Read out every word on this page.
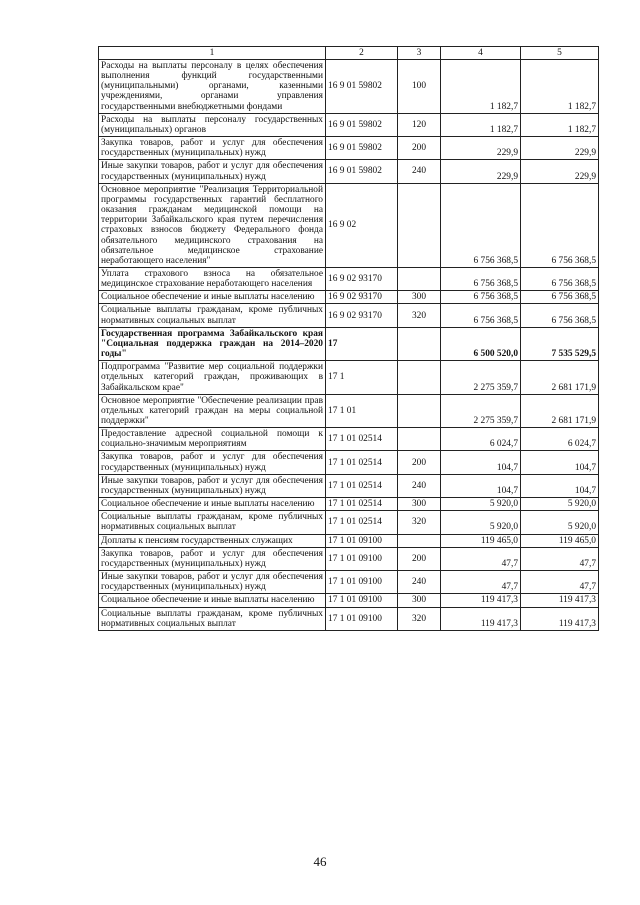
1	2	3	4	5
Расходы на выплаты персоналу в целях обеспечения выполнения функций государственными (муниципальными) органами, казенными учреждениями, органами управления государственными внебюджетными фондами	16 9 01 59802	100	1 182,7	1 182,7
Расходы на выплаты персоналу государственных (муниципальных) органов	16 9 01 59802	120	1 182,7	1 182,7
Закупка товаров, работ и услуг для обеспечения государственных (муниципальных) нужд	16 9 01 59802	200	229,9	229,9
Иные закупки товаров, работ и услуг для обеспечения государственных (муниципальных) нужд	16 9 01 59802	240	229,9	229,9
Основное мероприятие "Реализация Территориальной программы государственных гарантий бесплатного оказания гражданам медицинской помощи на территории Забайкальского края путем перечисления страховых взносов бюджету Федерального фонда обязательного медицинского страхования на обязательное медицинское страхование неработающего населения"	16 9 02		6 756 368,5	6 756 368,5
Уплата страхового взноса на обязательное медицинское страхование неработающего населения	16 9 02 93170		6 756 368,5	6 756 368,5
Социальное обеспечение и иные выплаты населению	16 9 02 93170	300	6 756 368,5	6 756 368,5
Социальные выплаты гражданам, кроме публичных нормативных социальных выплат	16 9 02 93170	320	6 756 368,5	6 756 368,5
Государственная программа Забайкальского края "Социальная поддержка граждан на 2014–2020 годы"	17		6 500 520,0	7 535 529,5
Подпрограмма "Развитие мер социальной поддержки отдельных категорий граждан, проживающих в Забайкальском крае"	17 1		2 275 359,7	2 681 171,9
Основное мероприятие "Обеспечение реализации прав отдельных категорий граждан на меры социальной поддержки"	17 1 01		2 275 359,7	2 681 171,9
Предоставление адресной социальной помощи к социально-значимым мероприятиям	17 1 01 02514		6 024,7	6 024,7
Закупка товаров, работ и услуг для обеспечения государственных (муниципальных) нужд	17 1 01 02514	200	104,7	104,7
Иные закупки товаров, работ и услуг для обеспечения государственных (муниципальных) нужд	17 1 01 02514	240	104,7	104,7
Социальное обеспечение и иные выплаты населению	17 1 01 02514	300	5 920,0	5 920,0
Социальные выплаты гражданам, кроме публичных нормативных социальных выплат	17 1 01 02514	320	5 920,0	5 920,0
Доплаты к пенсиям государственных служащих	17 1 01 09100		119 465,0	119 465,0
Закупка товаров, работ и услуг для обеспечения государственных (муниципальных) нужд	17 1 01 09100	200	47,7	47,7
Иные закупки товаров, работ и услуг для обеспечения государственных (муниципальных) нужд	17 1 01 09100	240	47,7	47,7
Социальное обеспечение и иные выплаты населению	17 1 01 09100	300	119 417,3	119 417,3
Социальные выплаты гражданам, кроме публичных нормативных социальных выплат	17 1 01 09100	320	119 417,3	119 417,3
46
